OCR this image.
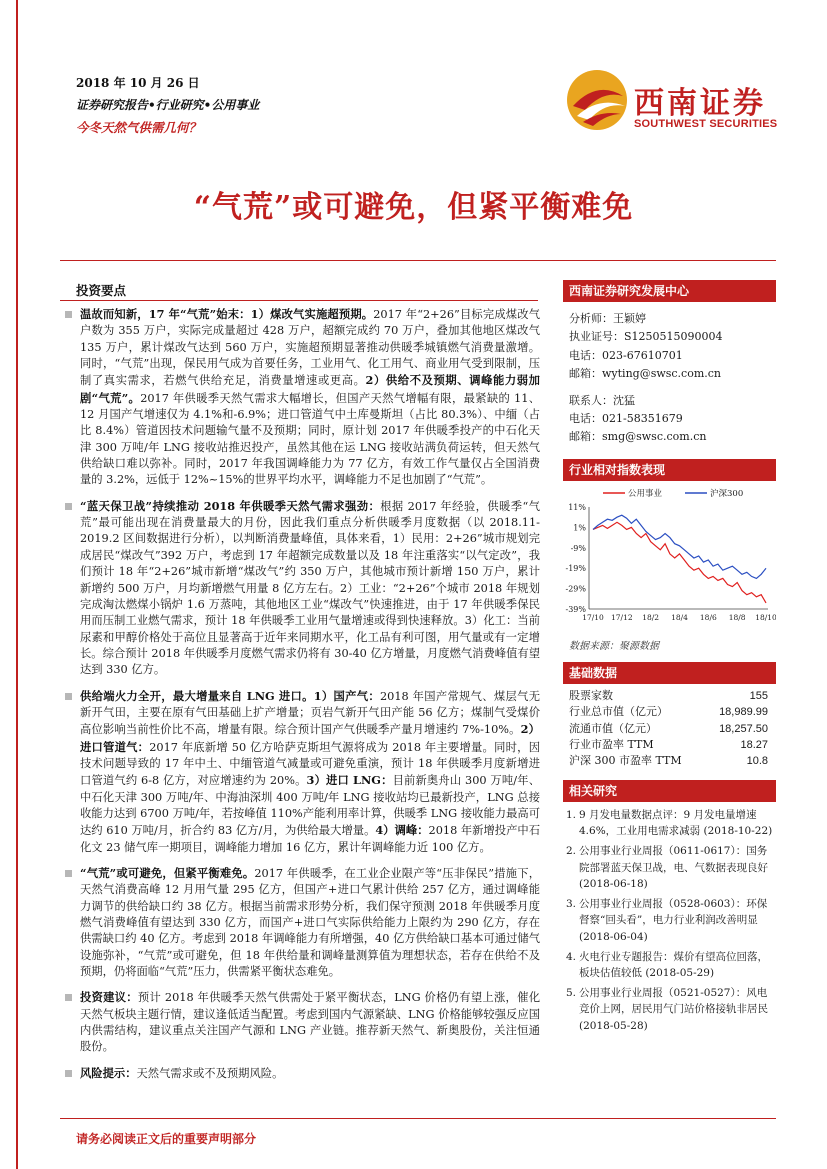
2018 年 10 月 26 日
证券研究报告•行业研究•公用事业
今冬天然气供需几何？
西南证券
SOUTHWEST SECURITIES
“气荒”或可避免，但紧平衡难免
投资要点
温故而知新，17 年“气荒”始末：1）煤改气实施超预期。2017 年“2+26”目标完成煤改气户数为 355 万户，实际完成量超过 428 万户，超额完成约 70 万户，叠加其他地区煤改气 135 万户，累计煤改气达到 560 万户，实施超预期显著推动供暖季城镇燃气消费量激增。同时，“气荒”出现，保民用气成为首要任务，工业用气、化工用气、商业用气受到限制，压制了真实需求，若燃气供给充足，消费量增速或更高。2）供给不及预期、调峰能力弱加剧“气荒”。2017 年供暖季天然气需求大幅增长，但国产天然气增幅有限，最紧缺的 11、12 月国产气增速仅为 4.1%和-6.9%；进口管道气中土库曼斯坦（占比 80.3%）、中缅（占比 8.4%）管道因技术问题输气量不及预期；同时，原计划 2017 年供暖季投产的中石化天津 300 万吨/年 LNG 接收站推迟投产，虽然其他在运 LNG 接收站满负荷运转，但天然气供给缺口难以弥补。同时，2017 年我国调峰能力为 77 亿方，有效工作气量仅占全国消费量的 3.2%，远低于 12%~15%的世界平均水平，调峰能力不足也加剧了“气荒”。
“蓝天保卫战”持续推动 2018 年供暖季天然气需求强劲：根据 2017 年经验，供暖季“气荒”最可能出现在消费量最大的月份，因此我们重点分析供暖季月度数据（以 2018.11-2019.2 区间数据进行分析），以判断消费量峰值，具体来看，1）民用：2+26”城市规划完成居民“煤改气”392 万户，考虑到 17 年超额完成数量以及 18 年注重落实“以气定改”，我们预计 18 年“2+26”城市新增“煤改气”约 350 万户，其他城市预计新增 150 万户，累计新增约 500 万户，月均新增燃气用量 8 亿方左右。2）工业：“2+26”个城市 2018 年规划完成淘汰燃煤小锅炉 1.6 万蒸吨，其他地区工业“煤改气”快速推进，由于 17 年供暖季保民用而压制工业燃气需求，预计 18 年供暖季工业用气量增速或得到快速释放。3）化工：当前尿素和甲醇价格处于高位且显著高于近年来同期水平，化工品有利可图，用气量或有一定增长。综合预计 2018 年供暖季月度燃气需求仍将有 30-40 亿方增量，月度燃气消费峰值有望达到 330 亿方。
供给端火力全开，最大增量来自 LNG 进口。1）国产气：2018 年国产常规气、煤层气无新开气田，主要在原有气田基础上扩产增量；页岩气新开气田产能 56 亿方；煤制气受煤价高位影响当前性价比不高，增量有限。综合预计国产气供暖季产量月增速约 7%-10%。2）进口管道气：2017 年底新增 50 亿方哈萨克斯坦气源将成为 2018 年主要增量。同时，因技术问题导致的 17 年中土、中缅管道气减量或可避免重演，预计 18 年供暖季月度新增进口管道气约 6-8 亿方，对应增速约为 20%。3）进口 LNG：目前新奥舟山 300 万吨/年、中石化天津 300 万吨/年、中海油深圳 400 万吨/年 LNG 接收站均已最新投产，LNG 总接收能力达到 6700 万吨/年，若按峰值 110%产能利用率计算，供暖季 LNG 接收能力最高可达约 610 万吨/月，折合约 83 亿方/月，为供给最大增量。4）调峰：2018 年新增投产中石化文 23 储气库一期项目，调峰能力增加 16 亿方，累计年调峰能力近 100 亿方。
“气荒”或可避免，但紧平衡难免。2017 年供暖季，在工业企业限产等“压非保民”措施下，天然气消费高峰 12 月用气量 295 亿方，但国产+进口气累计供给 257 亿方，通过调峰能力调节的供给缺口约 38 亿方。根据当前需求形势分析，我们保守预测 2018 年供暖季月度燃气消费峰值有望达到 330 亿方，而国产+进口气实际供给能力上限约为 290 亿方，存在供需缺口约 40 亿方。考虑到 2018 年调峰能力有所增强，40 亿方供给缺口基本可通过储气设施弥补，“气荒”或可避免，但 18 年供给量和调峰量测算值为理想状态，若存在供给不及预期，仍将面临“气荒”压力，供需紧平衡状态难免。
投资建议：预计 2018 年供暖季天然气供需处于紧平衡状态，LNG 价格仍有望上涨，催化天然气板块主题行情，建议逢低适当配置。考虑到国内气源紧缺、LNG 价格能够较强反应国内供需结构，建议重点关注国产气源和 LNG 产业链。推荐新天然气、新奥股份，关注恒通股份。
风险提示：天然气需求或不及预期风险。
西南证券研究发展中心
分析师：王颖婷
执业证号：S1250515090004
电话：023-67610701
邮箱：wyting@swsc.com.cn
联系人：沈猛
电话：021-58351679
邮箱：smg@swsc.com.cn
行业相对指数表现
公用事业	沪深300
11%
1%
-9%
-19%
-29%
-39%
17/10 17/12 18/2 18/4 18/6 18/8 18/10
数据来源：聚源数据
基础数据
股票家数	155
行业总市值（亿元）	18,989.99
流通市值（亿元）	18,257.50
行业市盈率 TTM	18.27
沪深 300 市盈率 TTM	10.8
相关研究
1. 9 月发电量数据点评：9 月发电量增速 4.6%，工业用电需求减弱 (2018-10-22)
2. 公用事业行业周报（0611-0617）：国务院部署蓝天保卫战，电、气数据表现良好 (2018-06-18)
3. 公用事业行业周报（0528-0603）：环保督察“回头看”，电力行业利润改善明显 (2018-06-04)
4. 火电行业专题报告：煤价有望高位回落，板块估值较低 (2018-05-29)
5. 公用事业行业周报（0521-0527）：风电竞价上网，居民用气门站价格接轨非居民 (2018-05-28)
请务必阅读正文后的重要声明部分
